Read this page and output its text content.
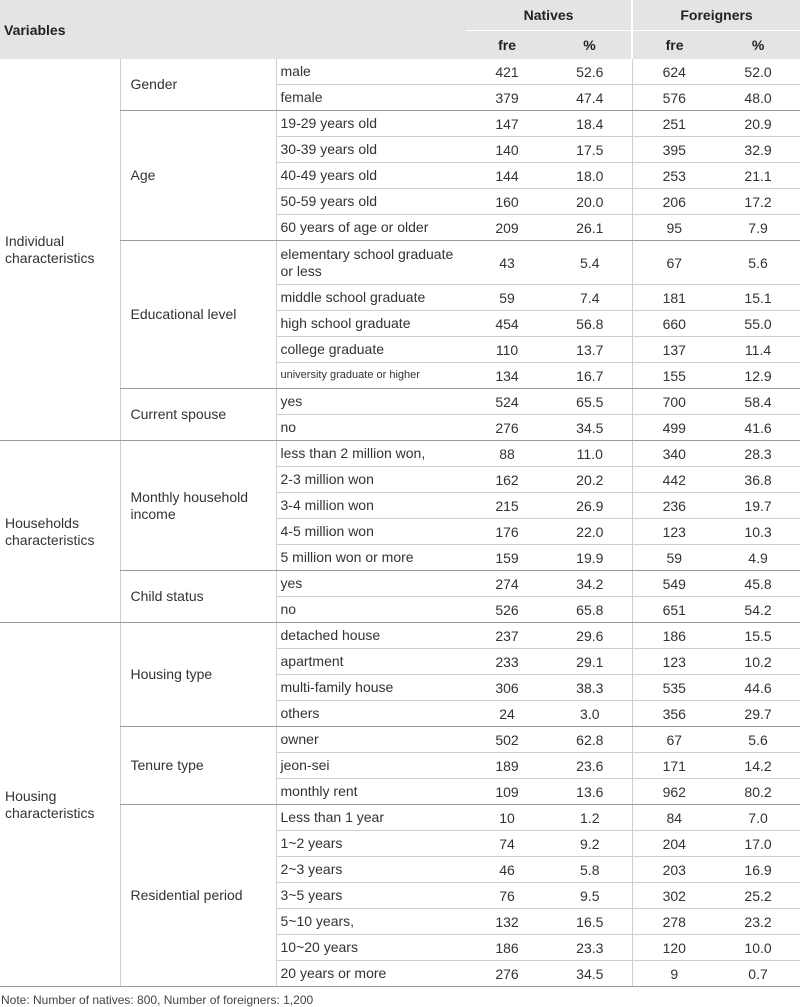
Variables			Natives		Foreigners	
			fre	%	fre	%
Individual characteristics	Gender	male	421	52.6	624	52.0
		female	379	47.4	576	48.0
	Age	19-29 years old	147	18.4	251	20.9
		30-39 years old	140	17.5	395	32.9
		40-49 years old	144	18.0	253	21.1
		50-59 years old	160	20.0	206	17.2
		60 years of age or older	209	26.1	95	7.9
	Educational level	elementary school graduate or less	43	5.4	67	5.6
		middle school graduate	59	7.4	181	15.1
		high school graduate	454	56.8	660	55.0
		college graduate	110	13.7	137	11.4
		university graduate or higher	134	16.7	155	12.9
	Current spouse	yes	524	65.5	700	58.4
		no	276	34.5	499	41.6
Households characteristics	Monthly household income	less than 2 million won,	88	11.0	340	28.3
		2-3 million won	162	20.2	442	36.8
		3-4 million won	215	26.9	236	19.7
		4-5 million won	176	22.0	123	10.3
		5 million won or more	159	19.9	59	4.9
	Child status	yes	274	34.2	549	45.8
		no	526	65.8	651	54.2
Housing characteristics	Housing type	detached house	237	29.6	186	15.5
		apartment	233	29.1	123	10.2
		multi-family house	306	38.3	535	44.6
		others	24	3.0	356	29.7
	Tenure type	owner	502	62.8	67	5.6
		jeon-sei	189	23.6	171	14.2
		monthly rent	109	13.6	962	80.2
	Residential period	Less than 1 year	10	1.2	84	7.0
		1~2 years	74	9.2	204	17.0
		2~3 years	46	5.8	203	16.9
		3~5 years	76	9.5	302	25.2
		5~10 years,	132	16.5	278	23.2
		10~20 years	186	23.3	120	10.0
		20 years or more	276	34.5	9	0.7
Note: Number of natives: 800, Number of foreigners: 1,200
